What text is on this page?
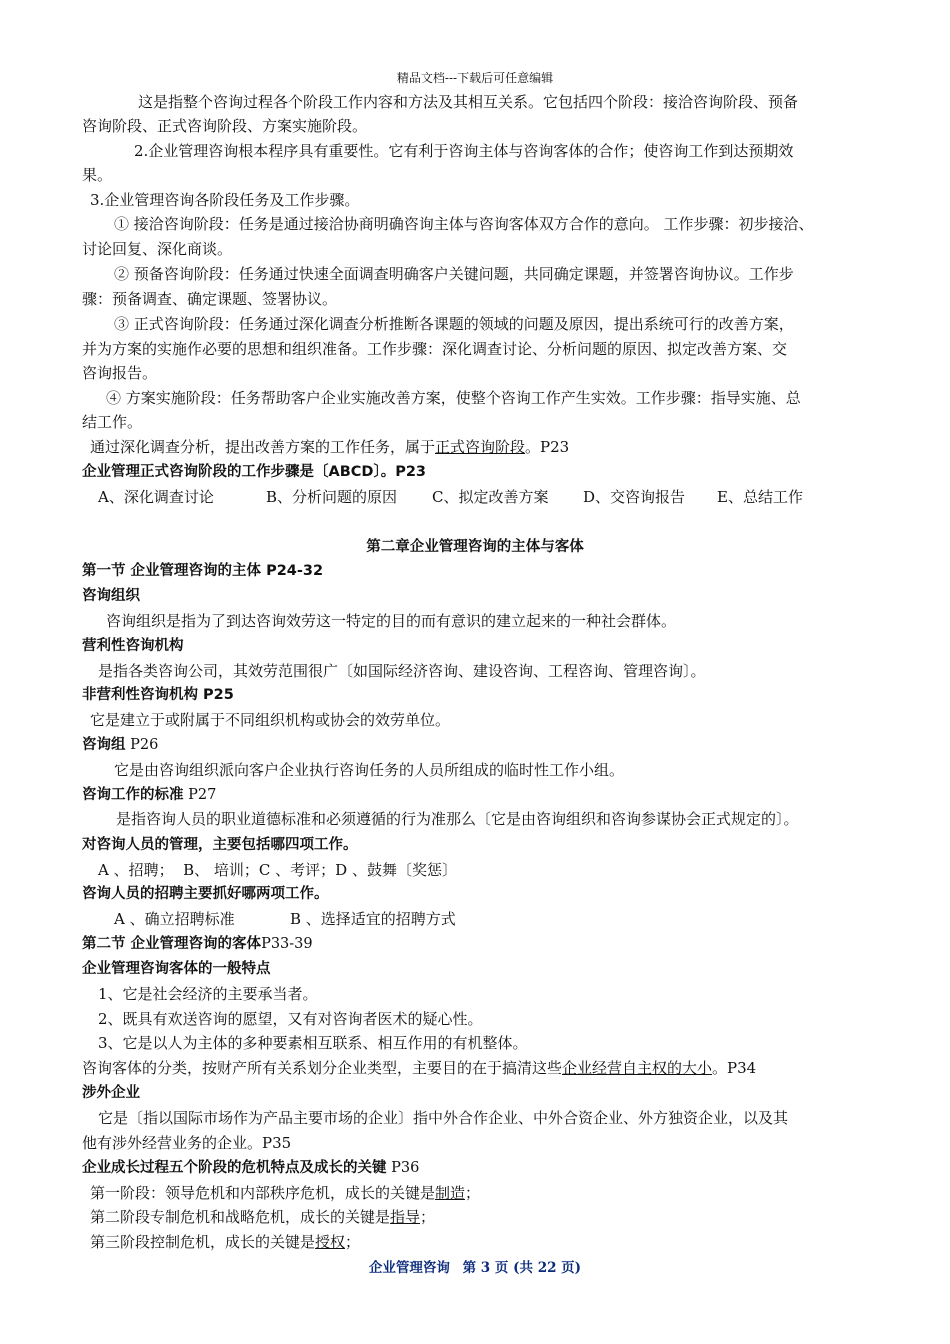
精品文档---下载后可任意编辑
这是指整个咨询过程各个阶段工作内容和方法及其相互关系。它包括四个阶段：接洽咨询阶段、预备
咨询阶段、正式咨询阶段、方案实施阶段。
2.企业管理咨询根本程序具有重要性。它有利于咨询主体与咨询客体的合作；使咨询工作到达预期效
果。
3.企业管理咨询各阶段任务及工作步骤。
① 接洽咨询阶段：任务是通过接洽协商明确咨询主体与咨询客体双方合作的意向。 工作步骤：初步接洽、
讨论回复、深化商谈。
② 预备咨询阶段：任务通过快速全面调查明确客户关键问题，共同确定课题，并签署咨询协议。工作步
骤：预备调查、确定课题、签署协议。
③ 正式咨询阶段：任务通过深化调查分析推断各课题的领域的问题及原因，提出系统可行的改善方案，
并为方案的实施作必要的思想和组织准备。工作步骤：深化调查讨论、分析问题的原因、拟定改善方案、交
咨询报告。
④ 方案实施阶段：任务帮助客户企业实施改善方案，使整个咨询工作产生实效。工作步骤：指导实施、总
结工作。
通过深化调查分析，提出改善方案的工作任务，属于正式咨询阶段。P23
企业管理正式咨询阶段的工作步骤是〔ABCD〕。P23
A、深化调查讨论	B、分析问题的原因 C、拟定改善方案 D、交咨询报告 E、总结工作
第二章企业管理咨询的主体与客体
第一节 企业管理咨询的主体 P24-32
咨询组织
咨询组织是指为了到达咨询效劳这一特定的目的而有意识的建立起来的一种社会群体。
营利性咨询机构
是指各类咨询公司，其效劳范围很广〔如国际经济咨询、建设咨询、工程咨询、管理咨询〕。
非营利性咨询机构 P25
它是建立于或附属于不同组织机构或协会的效劳单位。
咨询组 P26
它是由咨询组织派向客户企业执行咨询任务的人员所组成的临时性工作小组。
咨询工作的标准 P27
是指咨询人员的职业道德标准和必须遵循的行为准那么〔它是由咨询组织和咨询参谋协会正式规定的〕。
对咨询人员的管理，主要包括哪四项工作。
A 、招聘；  B、 培训；C 、考评；D 、鼓舞〔奖惩〕
咨询人员的招聘主要抓好哪两项工作。
A 、确立招聘标准	B 、选择适宜的招聘方式
第二节 企业管理咨询的客体P33-39
企业管理咨询客体的一般特点
1、它是社会经济的主要承当者。
2、既具有欢送咨询的愿望，又有对咨询者医术的疑心性。
3、它是以人为主体的多种要素相互联系、相互作用的有机整体。
咨询客体的分类，按财产所有关系划分企业类型，主要目的在于搞清这些企业经营自主权的大小。P34
涉外企业
它是〔指以国际市场作为产品主要市场的企业〕指中外合作企业、中外合资企业、外方独资企业，以及其
他有涉外经营业务的企业。P35
企业成长过程五个阶段的危机特点及成长的关键 P36
第一阶段：领导危机和内部秩序危机，成长的关键是制造；
第二阶段专制危机和战略危机，成长的关键是指导；
第三阶段控制危机，成长的关键是授权；
企业管理咨询 第 3 页 (共 22 页)
